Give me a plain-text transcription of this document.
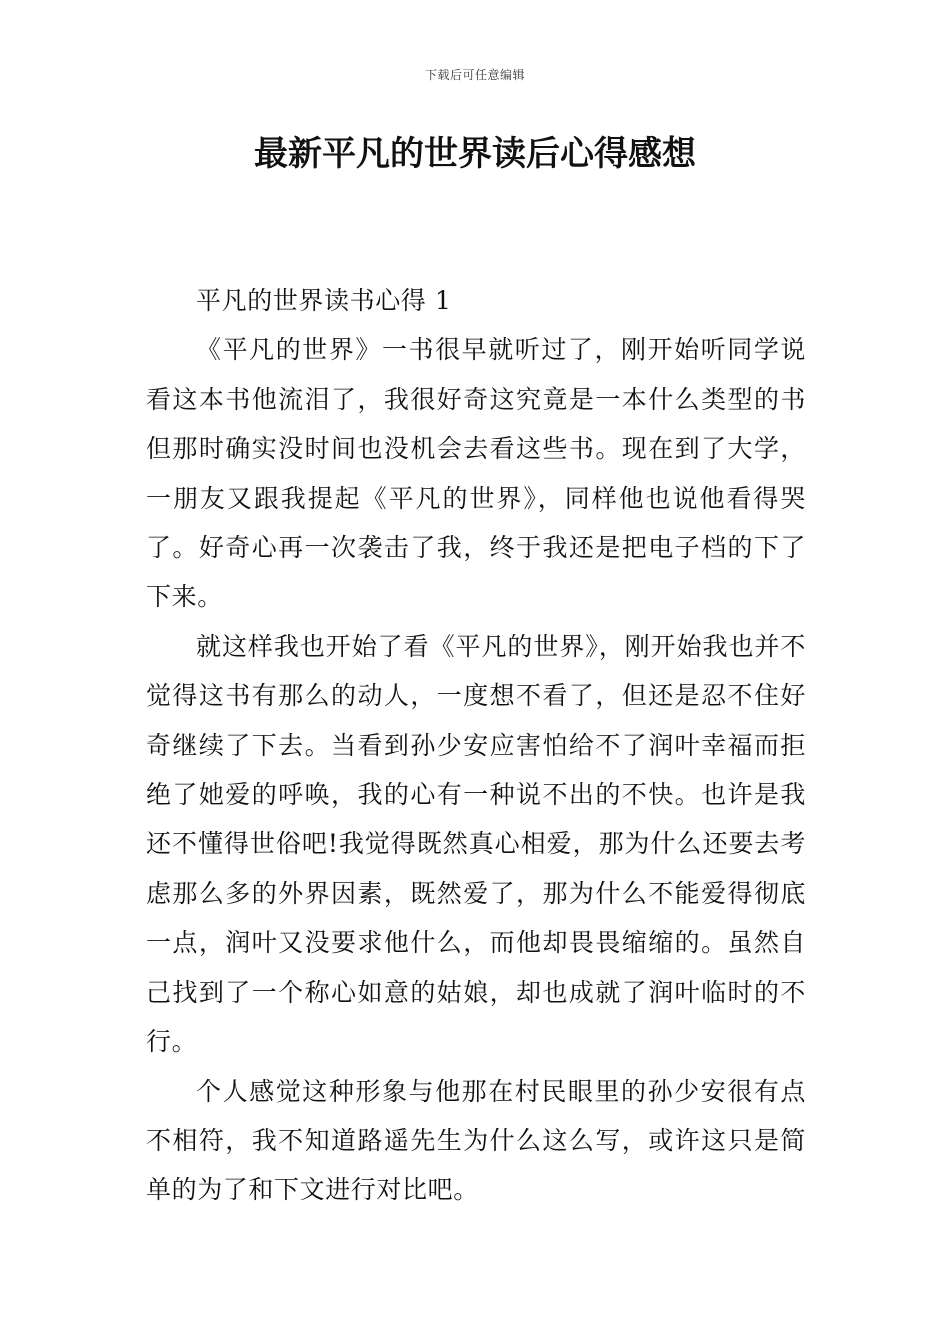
下载后可任意编辑
最新平凡的世界读后心得感想

平凡的世界读书心得 1

《平凡的世界》一书很早就听过了，刚开始听同学说看这本书他流泪了，我很好奇这究竟是一本什么类型的书但那时确实没时间也没机会去看这些书。现在到了大学，一朋友又跟我提起《平凡的世界》，同样他也说他看得哭了。好奇心再一次袭击了我，终于我还是把电子档的下了下来。

就这样我也开始了看《平凡的世界》，刚开始我也并不觉得这书有那么的动人，一度想不看了，但还是忍不住好奇继续了下去。当看到孙少安应害怕给不了润叶幸福而拒绝了她爱的呼唤，我的心有一种说不出的不快。也许是我还不懂得世俗吧!我觉得既然真心相爱，那为什么还要去考虑那么多的外界因素，既然爱了，那为什么不能爱得彻底一点，润叶又没要求他什么，而他却畏畏缩缩的。虽然自己找到了一个称心如意的姑娘，却也成就了润叶临时的不行。

个人感觉这种形象与他那在村民眼里的孙少安很有点不相符，我不知道路遥先生为什么这么写，或许这只是简单的为了和下文进行对比吧。
